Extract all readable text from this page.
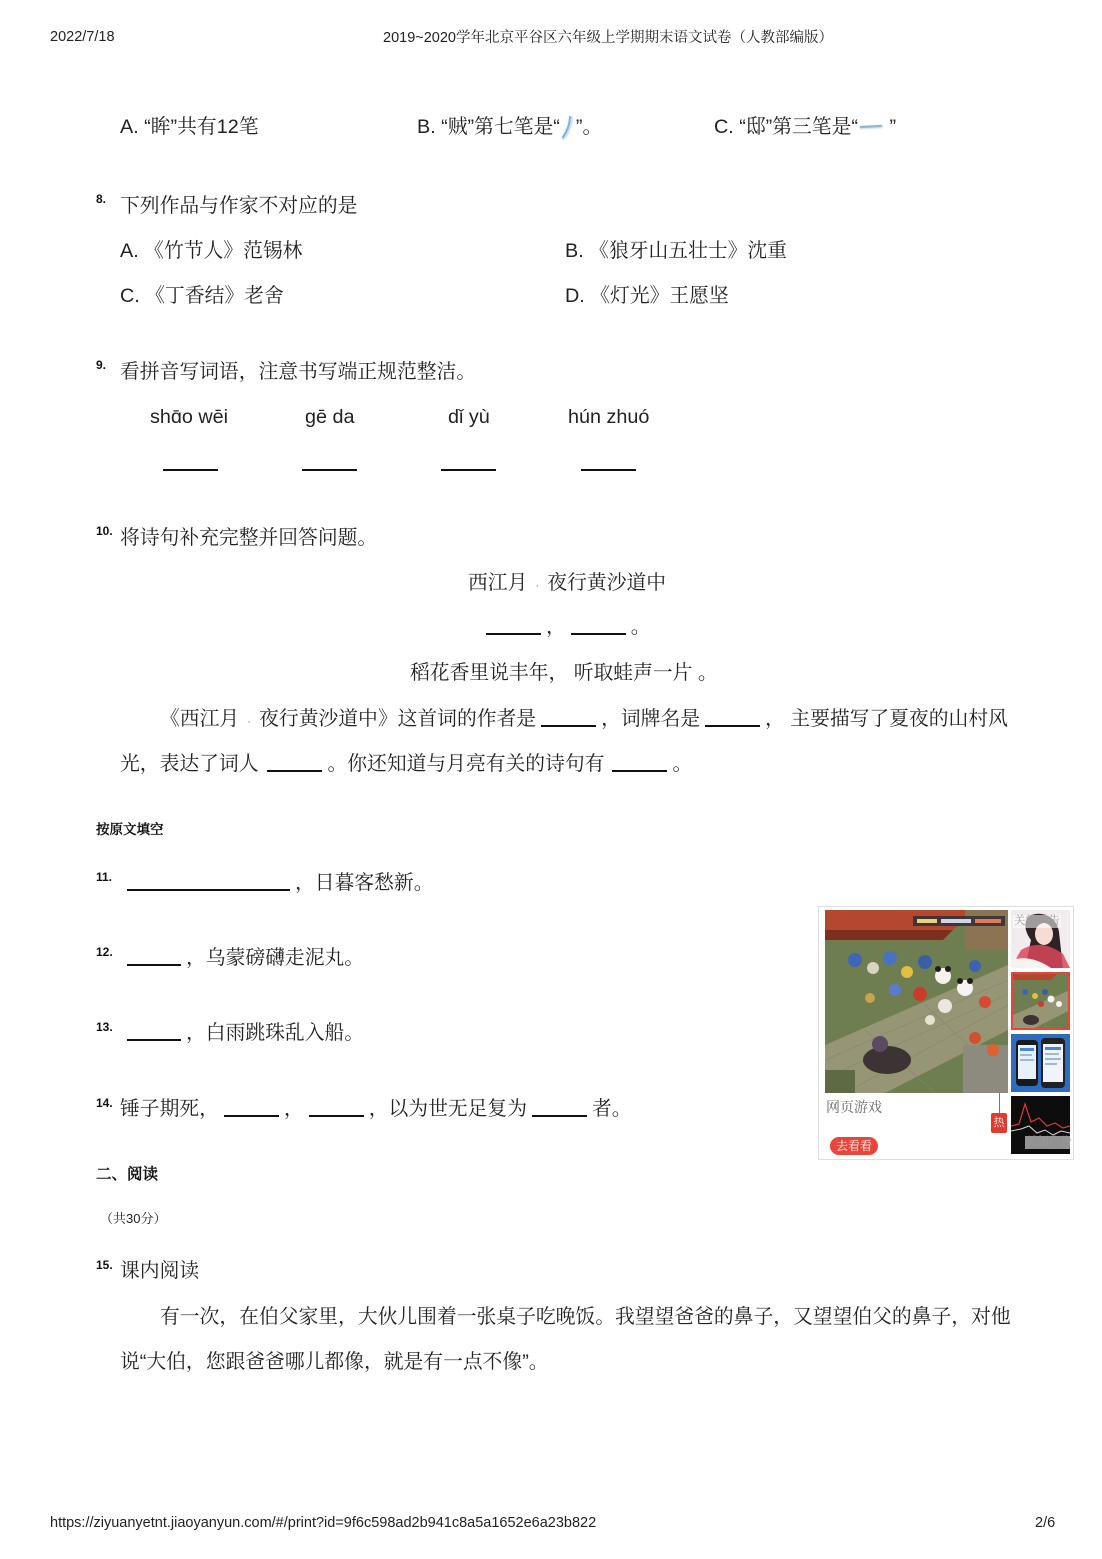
2022/7/18	2019~2020学年北京平谷区六年级上学期期末语文试卷（人教部编版）
A. “眸”共有12笔	B. “贼”第七笔是“ ”。	C. “邸”第三笔是“ ”
8. 下列作品与作家不对应的是
A. 《竹节人》范锡林	B. 《狼牙山五壮士》沈重
C. 《丁香结》老舍	D. 《灯光》王愿坚
9. 看拼音写词语，注意书写端正规范整洁。
shɑ̄o wēi	gē da	dǐ yù	hún zhuó
10. 将诗句补充完整并回答问题。
西江月 · 夜行黄沙道中
，	。
稻花香里说丰年， 听取蛙声一片 。
《西江月 · 夜行黄沙道中》这首词的作者是	，词牌名是	， 主要描写了夏夜的山村风
光，表达了词人	。你还知道与月亮有关的诗句有	。
按原文填空
11.	，日暮客愁新。
12.	，乌蒙磅礴走泥丸。
13.	，白雨跳珠乱入船。
14. 锤子期死，	，	，以为世无足复为	者。
二、阅读
（共30分）
15. 课内阅读
有一次，在伯父家里，大伙儿围着一张桌子吃晚饭。我望望爸爸的鼻子，又望望伯父的鼻子，对他
说“大伯，您跟爸爸哪儿都像，就是有一点不像”。
网页游戏
去看看
热
关闭广告
关闭广告
https://ziyuanyetnt.jiaoyanyun.com/#/print?id=9f6c598ad2b941c8a5a1652e6a23b822	2/6
